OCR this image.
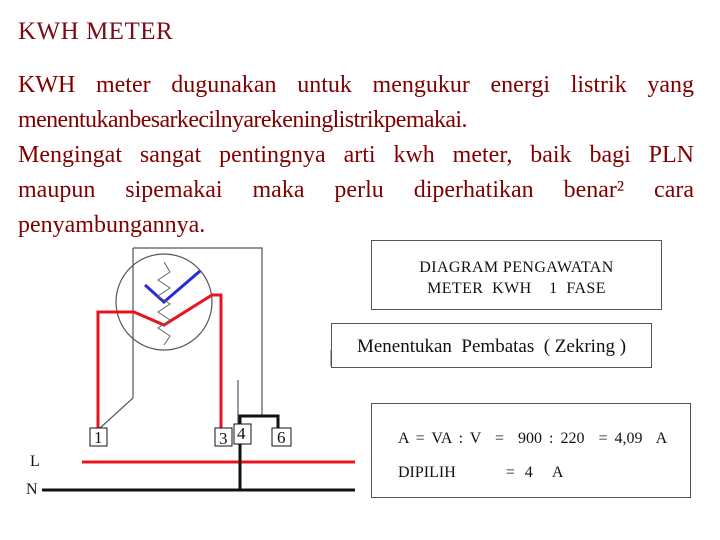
KWH METER
KWH meter dugunakan untuk mengukur energi listrik yang
menentukanbesarkecilnyarekeninglistrikpemakai.
Mengingat sangat pentingnya arti kwh meter, baik bagi PLN
maupun sipemakai maka perlu diperhatikan benar² cara
penyambungannya.
1	3 4 6
L
N
DIAGRAM PENGAWATAN
METER  KWH    1  FASE
Menentukan  Pembatas  ( Zekring )
A = VA : V  =  900 : 220  = 4,09  A
DIPILIH     = 4  A
